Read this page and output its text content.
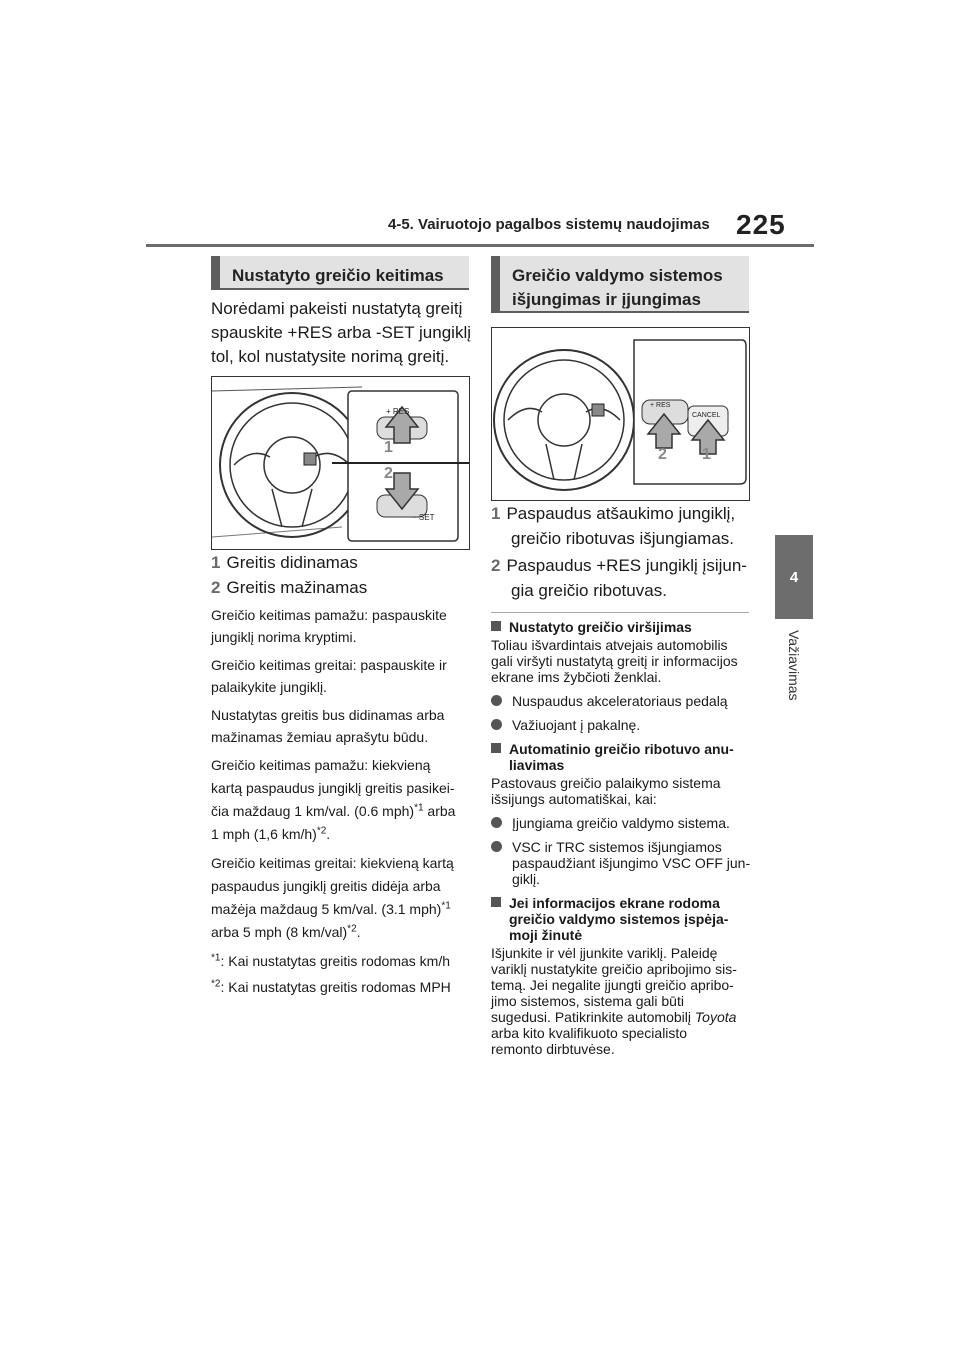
4-5. Vairuotojo pagalbos sistemų naudojimas 225
4
Važiavimas
Nustatyto greičio keitimas
Norėdami pakeisti nustatytą greitį
spauskite +RES arba -SET jungiklį
tol, kol nustatysite norimą greitį.
+ RES
− SET
1
2
1 Greitis didinamas
2 Greitis mažinamas
Greičio keitimas pamažu: paspauskite
jungiklį norima kryptimi.
Greičio keitimas greitai: paspauskite ir
palaikykite jungiklį.
Nustatytas greitis bus didinamas arba
mažinamas žemiau aprašytu būdu.
Greičio keitimas pamažu: kiekvieną
kartą paspaudus jungiklį greitis pasikei-
čia maždaug 1 km/val. (0.6 mph)$^{*1}$ arba
1 mph (1,6 km/h)$^{*2}$.
Greičio keitimas greitai: kiekvieną kartą
paspaudus jungiklį greitis didėja arba
mažėja maždaug 5 km/val. (3.1 mph)$^{*1}$
arba 5 mph (8 km/val)$^{*2}$.
$^{*1}$: Kai nustatytas greitis rodomas km/h
$^{*2}$: Kai nustatytas greitis rodomas MPH
Greičio valdymo sistemos
išjungimas ir įjungimas
+ RES
CANCEL
2 1
1 Paspaudus atšaukimo jungiklį,
greičio ribotuvas išjungiamas.
2 Paspaudus +RES jungiklį įsijun-
gia greičio ribotuvas.
Nustatyto greičio viršijimas
Toliau išvardintais atvejais automobilis
gali viršyti nustatytą greitį ir informacijos
ekrane ims žybčioti ženklai.
Nuspaudus akceleratoriaus pedalą
Važiuojant į pakalnę.
Automatinio greičio ribotuvo anu-
liavimas
Pastovaus greičio palaikymo sistema
išsijungs automatiškai, kai:
Įjungiama greičio valdymo sistema.
VSC ir TRC sistemos išjungiamos
paspaudžiant išjungimo VSC OFF jun-
giklį.
Jei informacijos ekrane rodoma
greičio valdymo sistemos įspėja-
moji žinutė
Išjunkite ir vėl įjunkite variklį. Paleidę
variklį nustatykite greičio apribojimo sis-
temą. Jei negalite įjungti greičio apribo-
jimo sistemos, sistema gali būti
sugedusi. Patikrinkite automobilį Toyota
arba kito kvalifikuoto specialisto
remonto dirbtuvėse.
